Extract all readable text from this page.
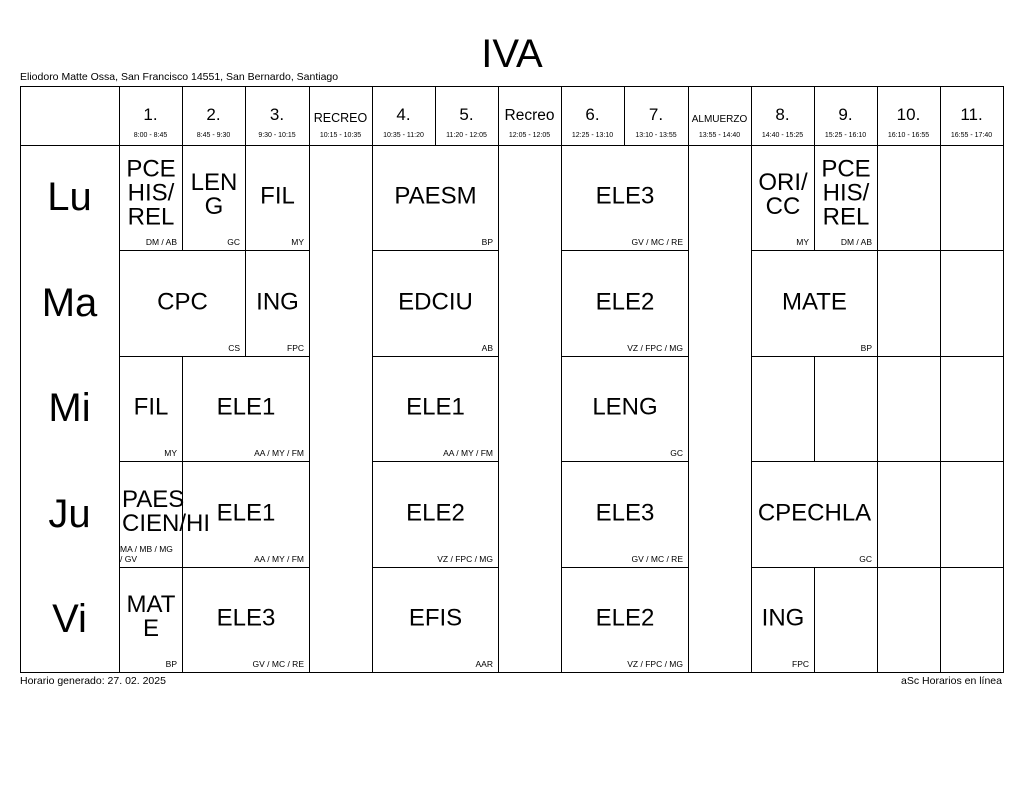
IVA
Eliodoro Matte Ossa, San Francisco 14551, San Bernardo, Santiago
1.
8:00 - 8:45
2.
8:45 - 9:30
3.
9:30 - 10:15
RECREO
10:15 - 10:35
4.
10:35 - 11:20
5.
11:20 - 12:05
Recreo
12:05 - 12:05
6.
12:25 - 13:10
7.
13:10 - 13:55
ALMUERZO
13:55 - 14:40
8.
14:40 - 15:25
9.
15:25 - 16:10
10.
16:10 - 16:55
11.
16:55 - 17:40
Lu
Ma
Mi
Ju
Vi
PCE HIS/ REL
DM / AB
LEN G
GC
FIL
MY
PAESM
BP
ELE3
GV / MC / RE
ORI/ CC
MY
PCE HIS/ REL
DM / AB
CPC
CS
ING
FPC
EDCIU
AB
ELE2
VZ / FPC / MG
MATE
BP
FIL
MY
ELE1
AA / MY / FM
ELE1
AA / MY / FM
LENG
GC
PAES CIEN/HI
MA / MB / MG / GV
ELE1
AA / MY / FM
ELE2
VZ / FPC / MG
ELE3
GV / MC / RE
CPECHLA
GC
MAT E
BP
ELE3
GV / MC / RE
EFIS
AAR
ELE2
VZ / FPC / MG
ING
FPC
Horario generado: 27. 02. 2025	aSc Horarios en línea
